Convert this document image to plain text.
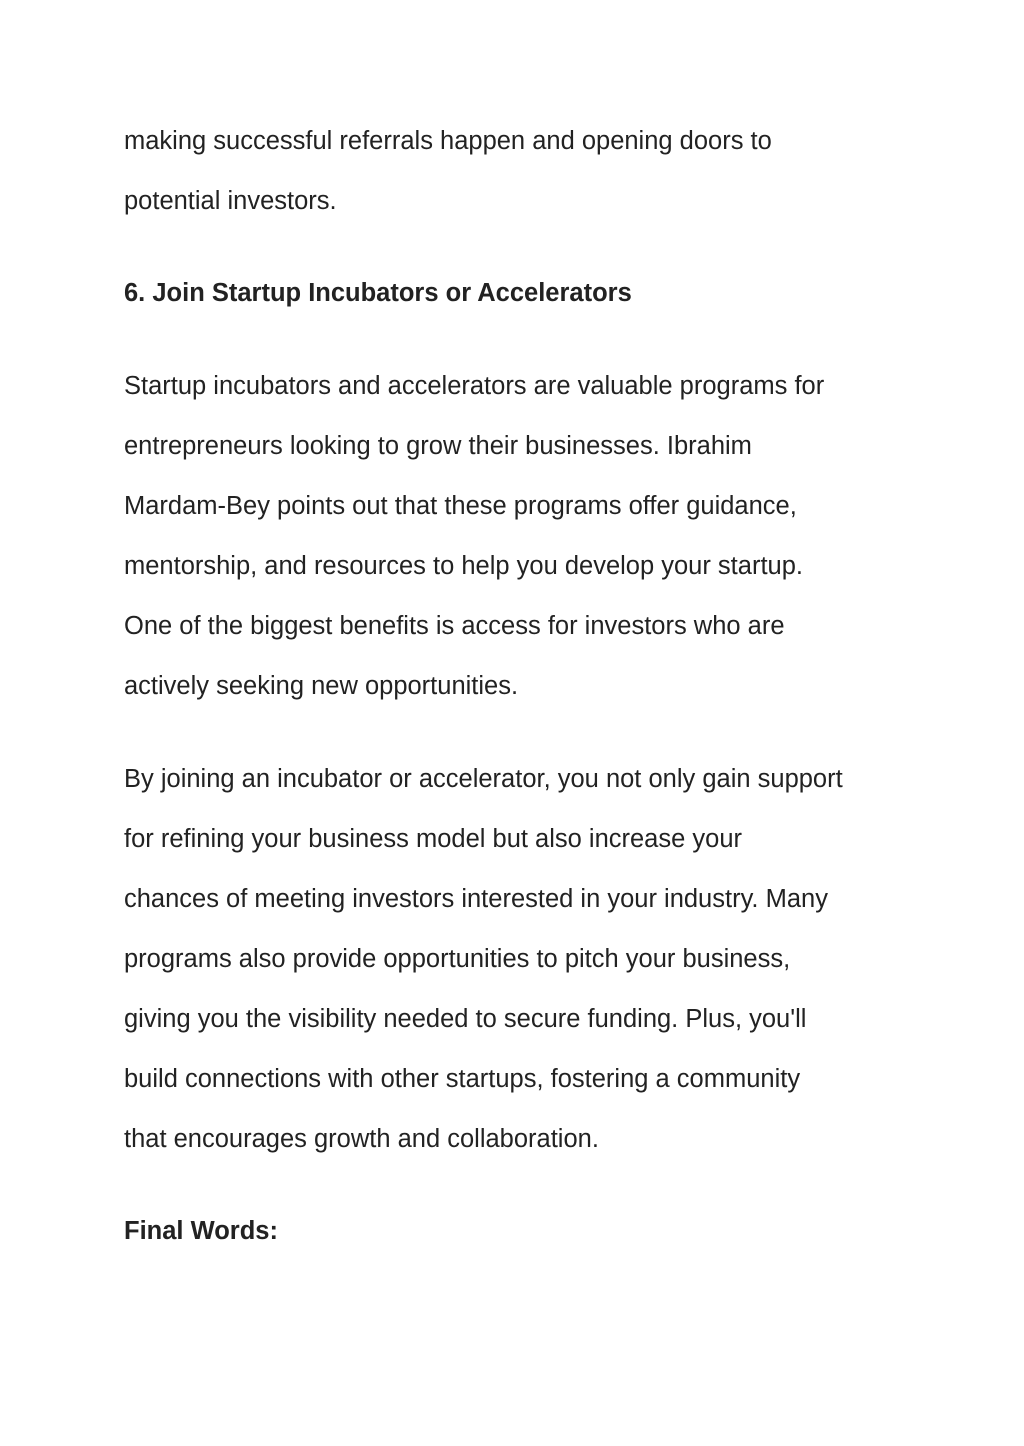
making successful referrals happen and opening doors to
potential investors.
6. Join Startup Incubators or Accelerators
Startup incubators and accelerators are valuable programs for
entrepreneurs looking to grow their businesses. Ibrahim
Mardam-Bey points out that these programs offer guidance,
mentorship, and resources to help you develop your startup.
One of the biggest benefits is access for investors who are
actively seeking new opportunities.
By joining an incubator or accelerator, you not only gain support
for refining your business model but also increase your
chances of meeting investors interested in your industry. Many
programs also provide opportunities to pitch your business,
giving you the visibility needed to secure funding. Plus, you'll
build connections with other startups, fostering a community
that encourages growth and collaboration.
Final Words:
